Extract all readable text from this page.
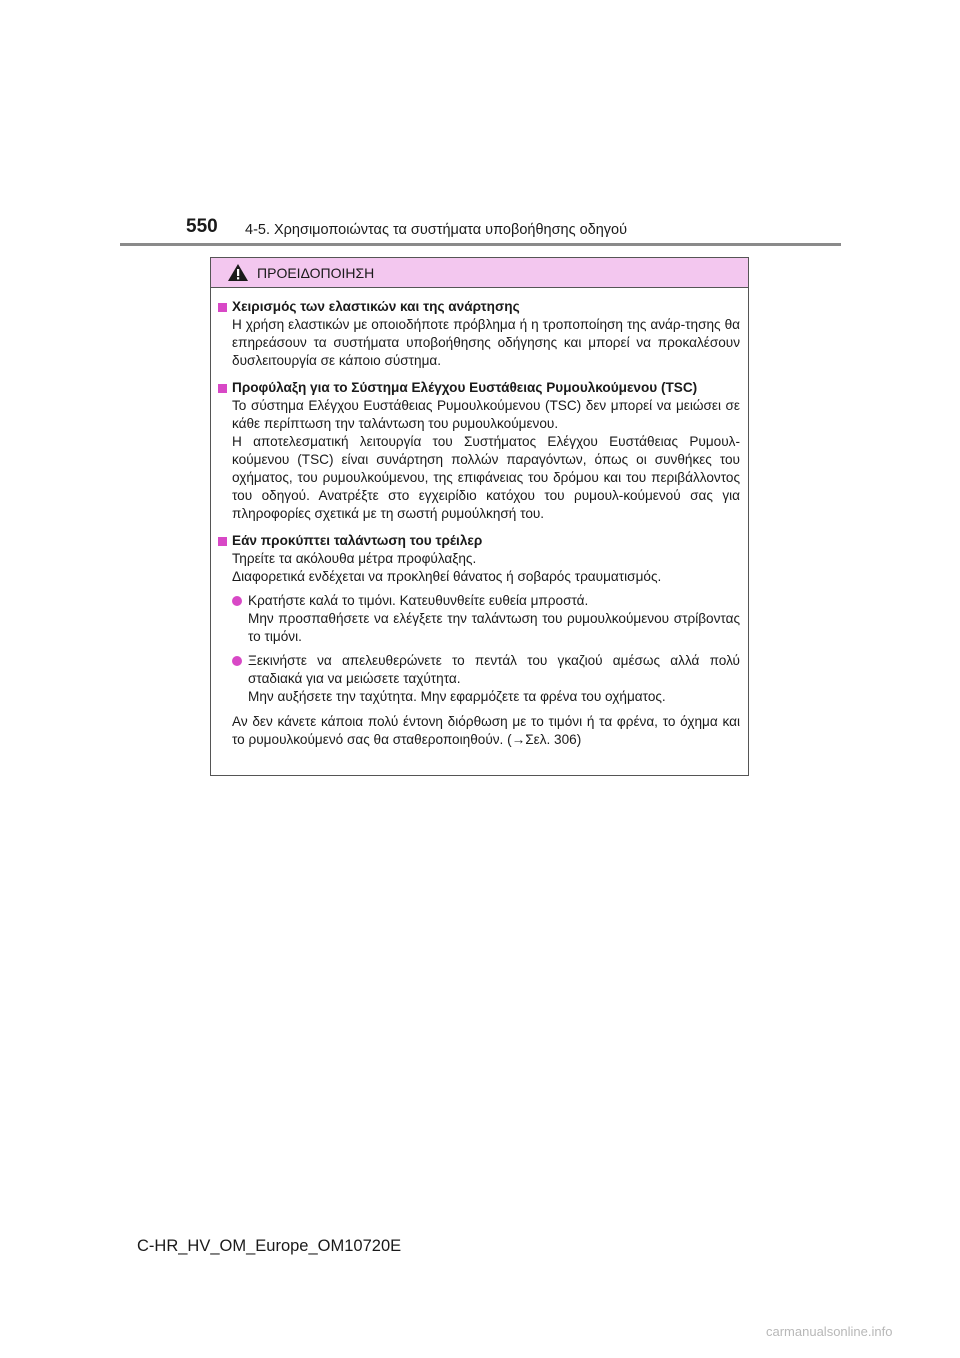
550 4-5. Χρησιμοποιώντας τα συστήματα υποβοήθησης οδηγού
ΠΡΟΕΙΔΟΠΟΙΗΣΗ
Χειρισμός των ελαστικών και της ανάρτησης

Η χρήση ελαστικών με οποιοδήποτε πρόβλημα ή η τροποποίηση της ανάρ-τησης θα επηρεάσουν τα συστήματα υποβοήθησης οδήγησης και μπορεί να προκαλέσουν δυσλειτουργία σε κάποιο σύστημα.

Προφύλαξη για το Σύστημα Ελέγχου Ευστάθειας Ρυμουλκούμενου (TSC)

Το σύστημα Ελέγχου Ευστάθειας Ρυμουλκούμενου (TSC) δεν μπορεί να μειώσει σε κάθε περίπτωση την ταλάντωση του ρυμουλκούμενου.

Η αποτελεσματική λειτουργία του Συστήματος Ελέγχου Ευστάθειας Ρυμουλ-κούμενου (TSC) είναι συνάρτηση πολλών παραγόντων, όπως οι συνθήκες του οχήματος, του ρυμουλκούμενου, της επιφάνειας του δρόμου και του περιβάλλοντος του οδηγού. Ανατρέξτε στο εγχειρίδιο κατόχου του ρυμουλ-κούμενού σας για πληροφορίες σχετικά με τη σωστή ρυμούλκησή του.

Εάν προκύπτει ταλάντωση του τρέιλερ

Τηρείτε τα ακόλουθα μέτρα προφύλαξης.

Διαφορετικά ενδέχεται να προκληθεί θάνατος ή σοβαρός τραυματισμός.

Κρατήστε καλά το τιμόνι. Κατευθυνθείτε ευθεία μπροστά.

Μην προσπαθήσετε να ελέγξετε την ταλάντωση του ρυμουλκούμενου στρίβοντας το τιμόνι.

Ξεκινήστε να απελευθερώνετε το πεντάλ του γκαζιού αμέσως αλλά πολύ σταδιακά για να μειώσετε ταχύτητα.

Μην αυξήσετε την ταχύτητα. Μην εφαρμόζετε τα φρένα του οχήματος.

Αν δεν κάνετε κάποια πολύ έντονη διόρθωση με το τιμόνι ή τα φρένα, το όχημα και το ρυμουλκούμενό σας θα σταθεροποιηθούν. (→Σελ. 306)

C-HR_HV_OM_Europe_OM10720E
carmanualsonline.info
